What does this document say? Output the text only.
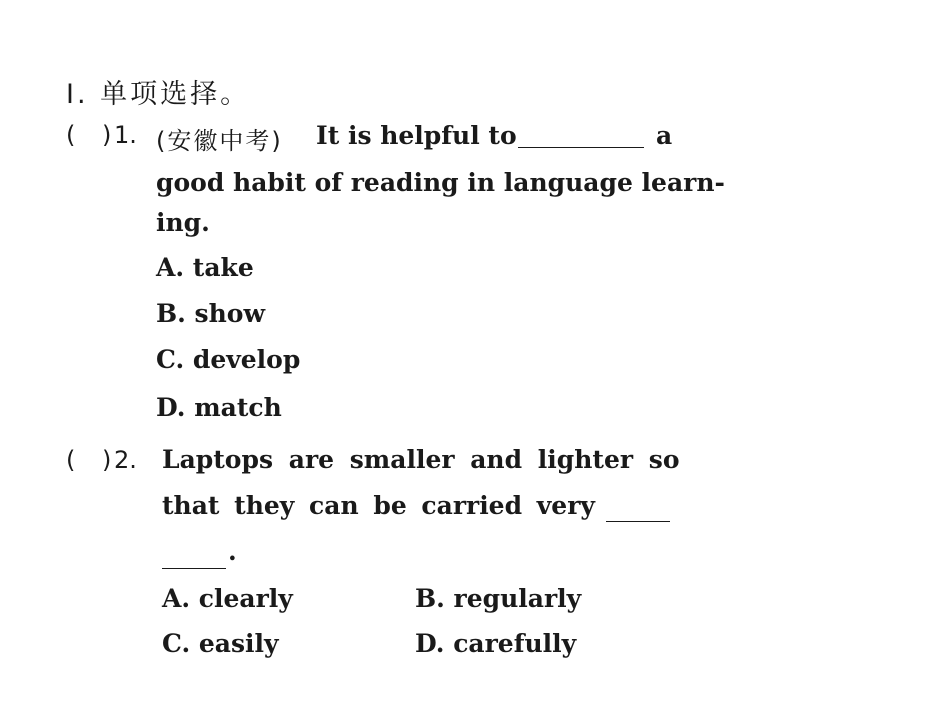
Ⅰ. 单项选择。
( ) 1. (安徽中考) It is helpful to	a
good habit of reading in language learn-
ing.
A. take
B. show
C. develop
D. match
( ) 2. Laptops are smaller and lighter so
that they can be carried very
.
A. clearly	B. regularly
C. easily	D. carefully
